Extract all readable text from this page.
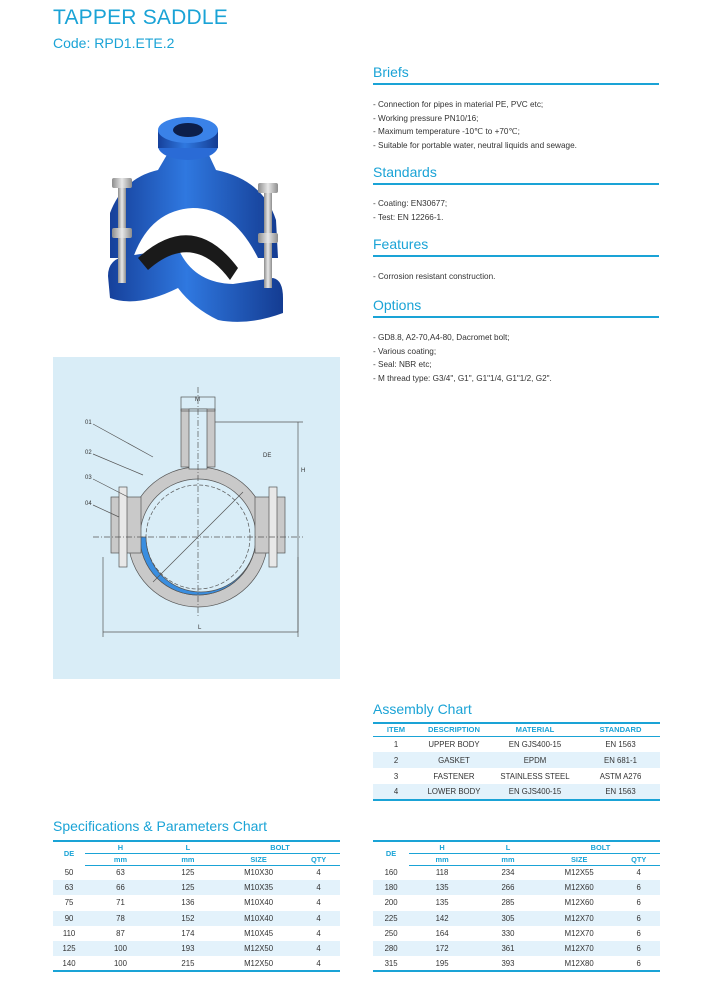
TAPPER SADDLE
Code: RPD1.ETE.2
01
02
03
04
M
H
DE
L
Briefs
- Connection for pipes in material PE, PVC etc;
- Working pressure PN10/16;
- Maximum temperature -10℃ to +70℃;
- Suitable for portable water, neutral liquids and sewage.
Standards
- Coating: EN30677;
- Test: EN 12266-1.
Features
- Corrosion resistant construction.
Options
- GD8.8, A2-70,A4-80, Dacromet bolt;
- Various coating;
- Seal: NBR etc;
- M thread type: G3/4", G1", G1"1/4, G1"1/2, G2".
Assembly Chart
ITEM	DESCRIPTION	MATERIAL	STANDARD
1	UPPER BODY	EN GJS400-15	EN 1563
2	GASKET	EPDM	EN 681-1
3	FASTENER	STAINLESS STEEL	ASTM A276
4	LOWER BODY	EN GJS400-15	EN 1563
Specifications & Parameters Chart
DE	H	L	BOLT	
	mm	mm	SIZE	QTY
50	63	125	M10X30	4
63	66	125	M10X35	4
75	71	136	M10X40	4
90	78	152	M10X40	4
110	87	174	M10X45	4
125	100	193	M12X50	4
140	100	215	M12X50	4
DE	H	L	BOLT	
	mm	mm	SIZE	QTY
160	118	234	M12X55	4
180	135	266	M12X60	6
200	135	285	M12X60	6
225	142	305	M12X70	6
250	164	330	M12X70	6
280	172	361	M12X70	6
315	195	393	M12X80	6
